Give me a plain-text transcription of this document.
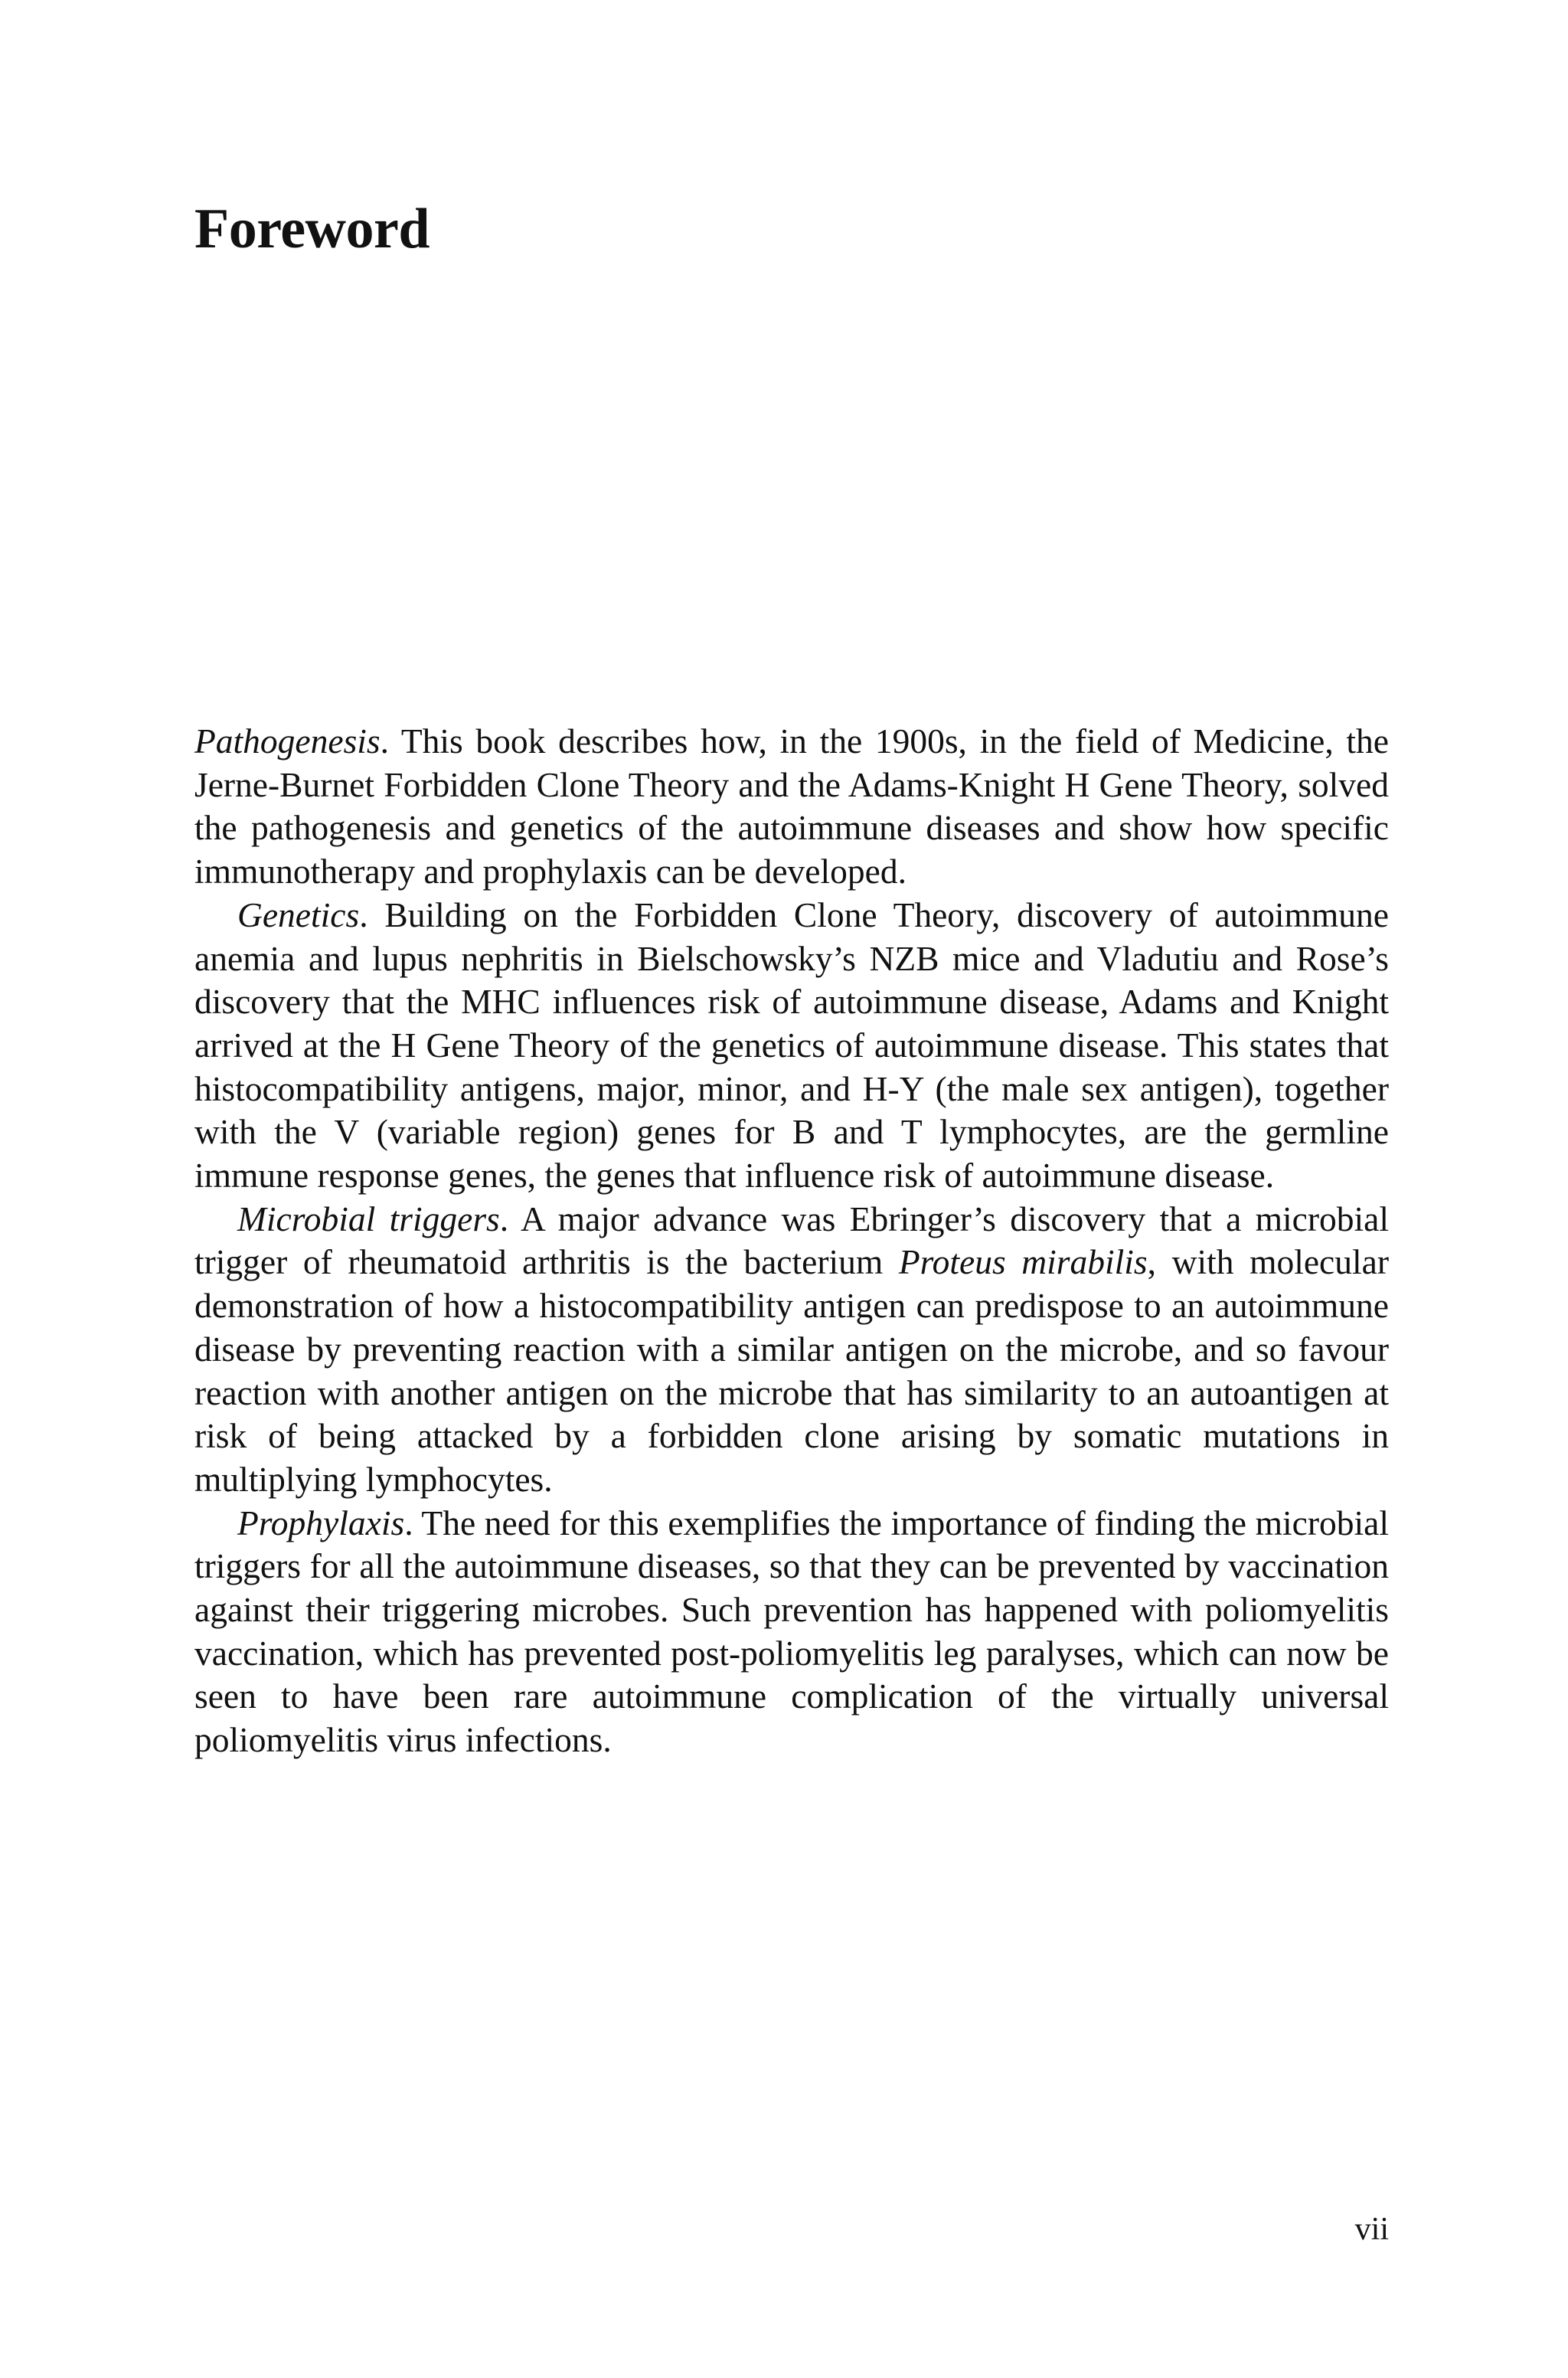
Foreword

Pathogenesis. This book describes how, in the 1900s, in the field of Medicine, the Jerne-Burnet Forbidden Clone Theory and the Adams-Knight H Gene Theory, solved the pathogenesis and genetics of the autoimmune diseases and show how specific immunotherapy and prophylaxis can be developed.

Genetics. Building on the Forbidden Clone Theory, discovery of autoimmune anemia and lupus nephritis in Bielschowsky’s NZB mice and Vladutiu and Rose’s discovery that the MHC influences risk of autoimmune disease, Adams and Knight arrived at the H Gene Theory of the genetics of autoimmune disease. This states that histocompatibility antigens, major, minor, and H-Y (the male sex antigen), together with the V (variable region) genes for B and T lymphocytes, are the germline immune response genes, the genes that influence risk of autoimmune disease.

Microbial triggers. A major advance was Ebringer’s discovery that a microbial trigger of rheumatoid arthritis is the bacterium Proteus mirabilis, with molecular demonstration of how a histocompatibility antigen can predispose to an autoimmune disease by preventing reaction with a similar antigen on the microbe, and so favour reaction with another antigen on the microbe that has similarity to an autoantigen at risk of being attacked by a forbidden clone arising by somatic mutations in multiplying lymphocytes.

Prophylaxis. The need for this exemplifies the importance of finding the microbial triggers for all the autoimmune diseases, so that they can be prevented by vaccination against their triggering microbes. Such prevention has happened with poliomyelitis vaccination, which has prevented post-poliomyelitis leg paralyses, which can now be seen to have been rare autoimmune complication of the virtually universal poliomyelitis virus infections.

vii
